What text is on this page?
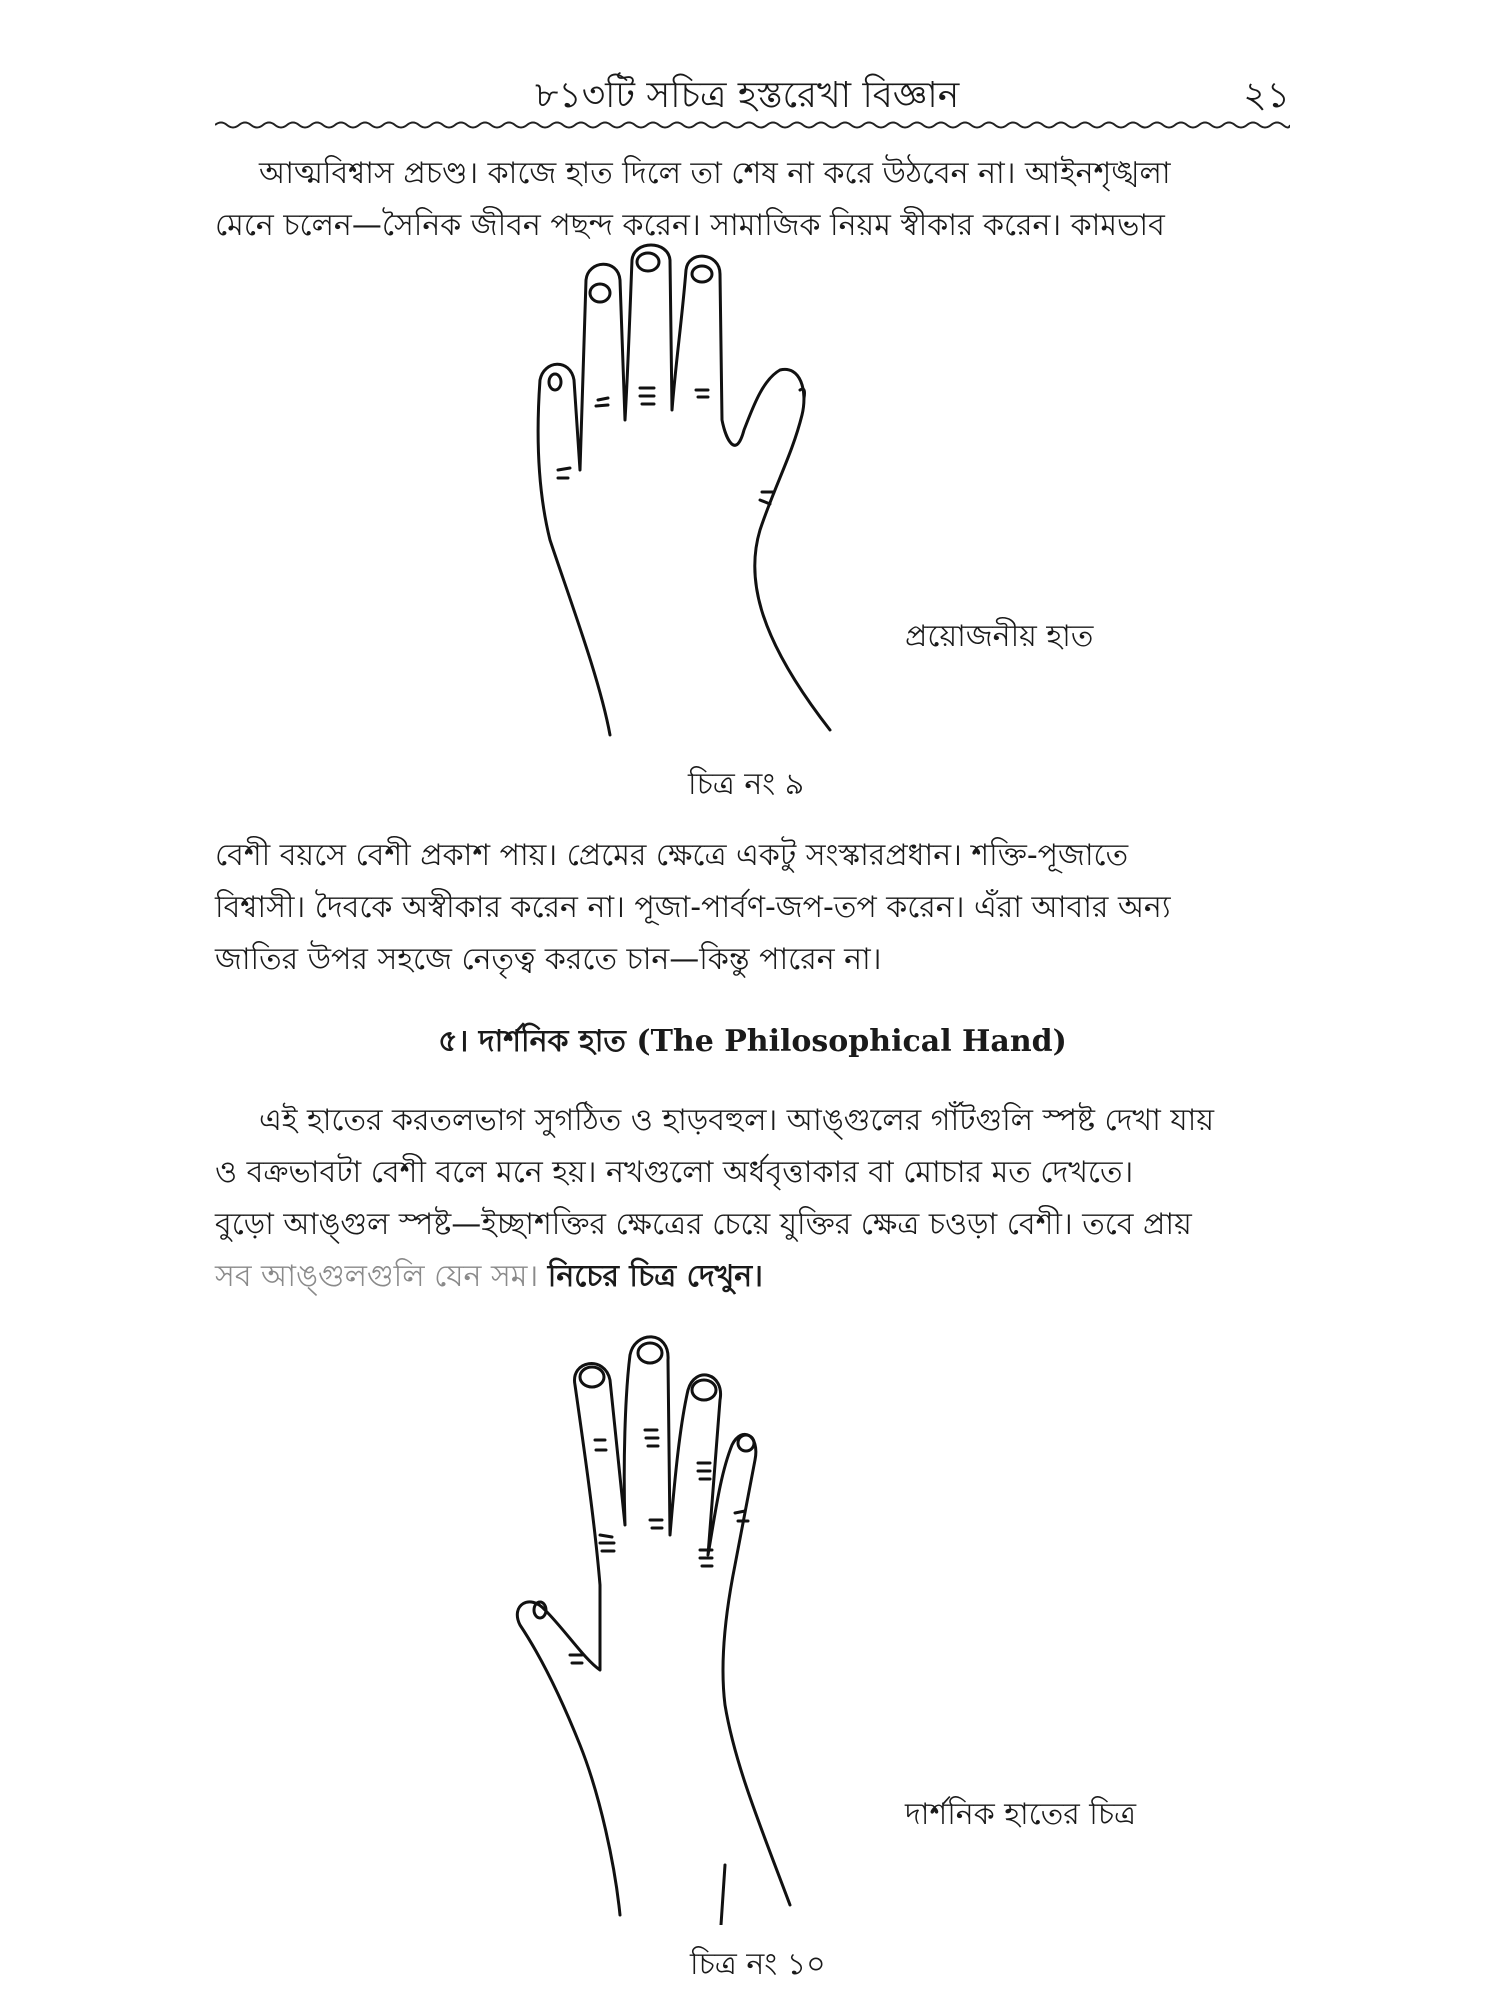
৮১৩টি সচিত্র হস্তরেখা বিজ্ঞান	২১

আত্মবিশ্বাস প্রচণ্ড। কাজে হাত দিলে তা শেষ না করে উঠবেন না। আইনশৃঙ্খলা

মেনে চলেন—সৈনিক জীবন পছন্দ করেন। সামাজিক নিয়ম স্বীকার করেন। কামভাব

প্রয়োজনীয় হাত
চিত্র নং ৯

বেশী বয়সে বেশী প্রকাশ পায়। প্রেমের ক্ষেত্রে একটু সংস্কারপ্রধান। শক্তি-পূজাতে

বিশ্বাসী। দৈবকে অস্বীকার করেন না। পূজা-পার্বণ-জপ-তপ করেন। এঁরা আবার অন্য

জাতির উপর সহজে নেতৃত্ব করতে চান—কিন্তু পারেন না।

৫। দার্শনিক হাত (The Philosophical Hand)

এই হাতের করতলভাগ সুগঠিত ও হাড়বহুল। আঙ্গুলের গাঁটগুলি স্পষ্ট দেখা যায়

ও বক্রভাবটা বেশী বলে মনে হয়। নখগুলো অর্ধবৃত্তাকার বা মোচার মত দেখতে।

বুড়ো আঙ্গুল স্পষ্ট—ইচ্ছাশক্তির ক্ষেত্রের চেয়ে যুক্তির ক্ষেত্র চওড়া বেশী। তবে প্রায়

সব আঙ্গুলগুলি যেন সম। নিচের চিত্র দেখুন।

দার্শনিক হাতের চিত্র
চিত্র নং ১০
